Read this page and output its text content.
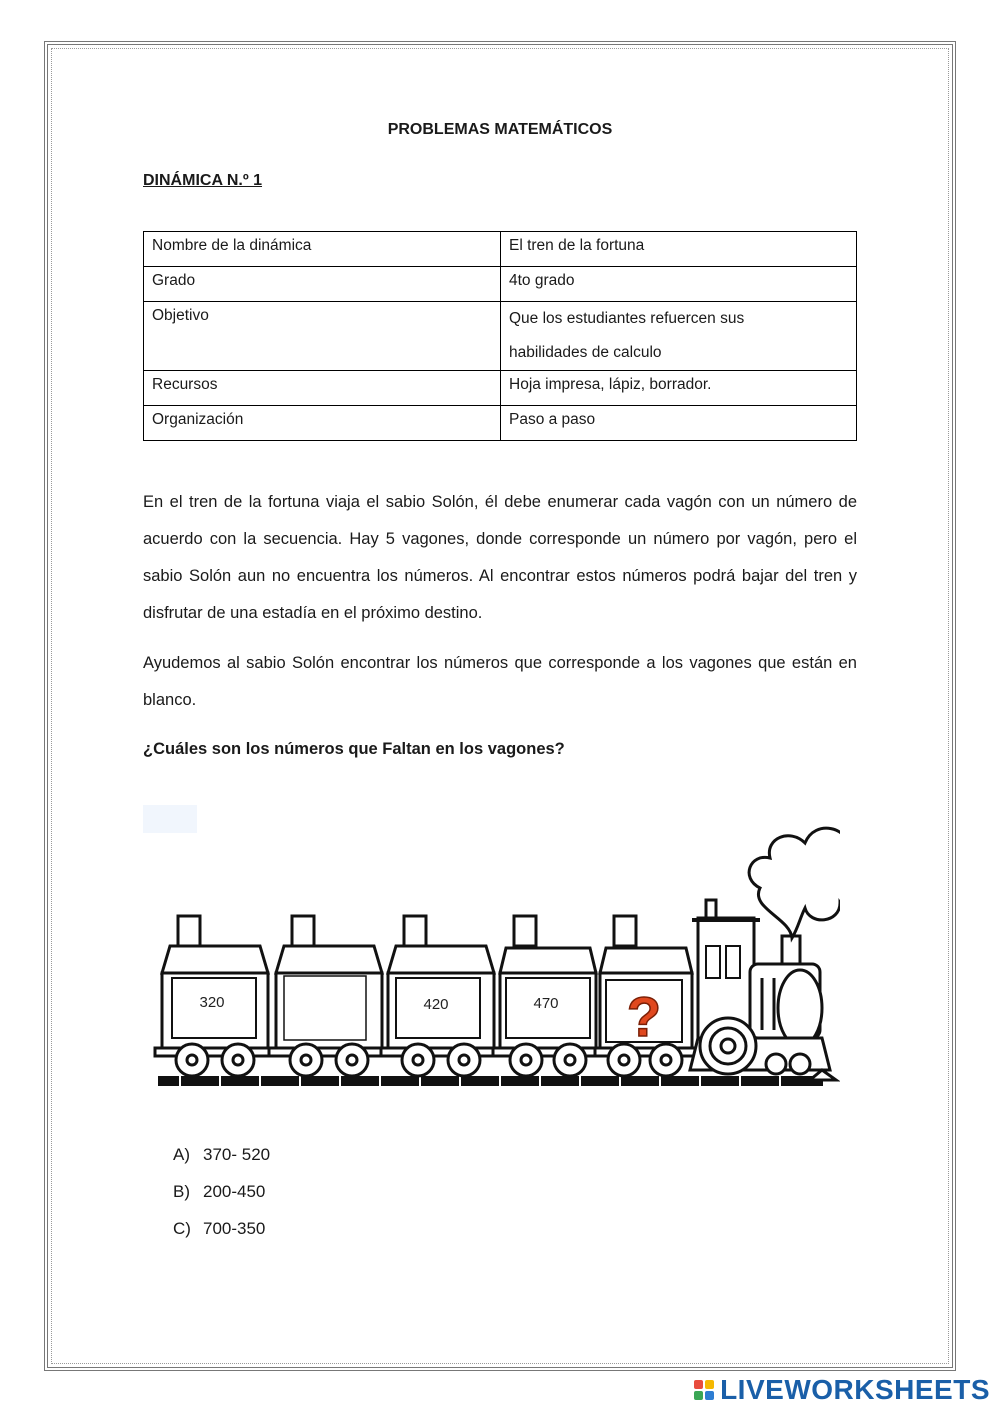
PROBLEMAS MATEMÁTICOS
DINÁMICA N.º 1
Nombre de la dinámica	El tren de la fortuna
Grado	4to grado
Objetivo	Que los estudiantes refuercen sus
habilidades de calculo

Recursos	Hoja impresa, lápiz, borrador.
Organización	Paso a paso
En el tren de la fortuna viaja el sabio Solón, él debe enumerar cada vagón con un número de acuerdo con la secuencia. Hay 5 vagones, donde corresponde un número por vagón, pero el sabio Solón aun no encuentra los números. Al encontrar estos números podrá bajar del tren y disfrutar de una estadía en el próximo destino.
Ayudemos al sabio Solón encontrar los números que corresponde a los vagones que están en blanco.
¿Cuáles son los números que Faltan en los vagones?
320	420	470 ?
A) 370- 520
B) 200-450
C) 700-350
LIVEWORKSHEETS
